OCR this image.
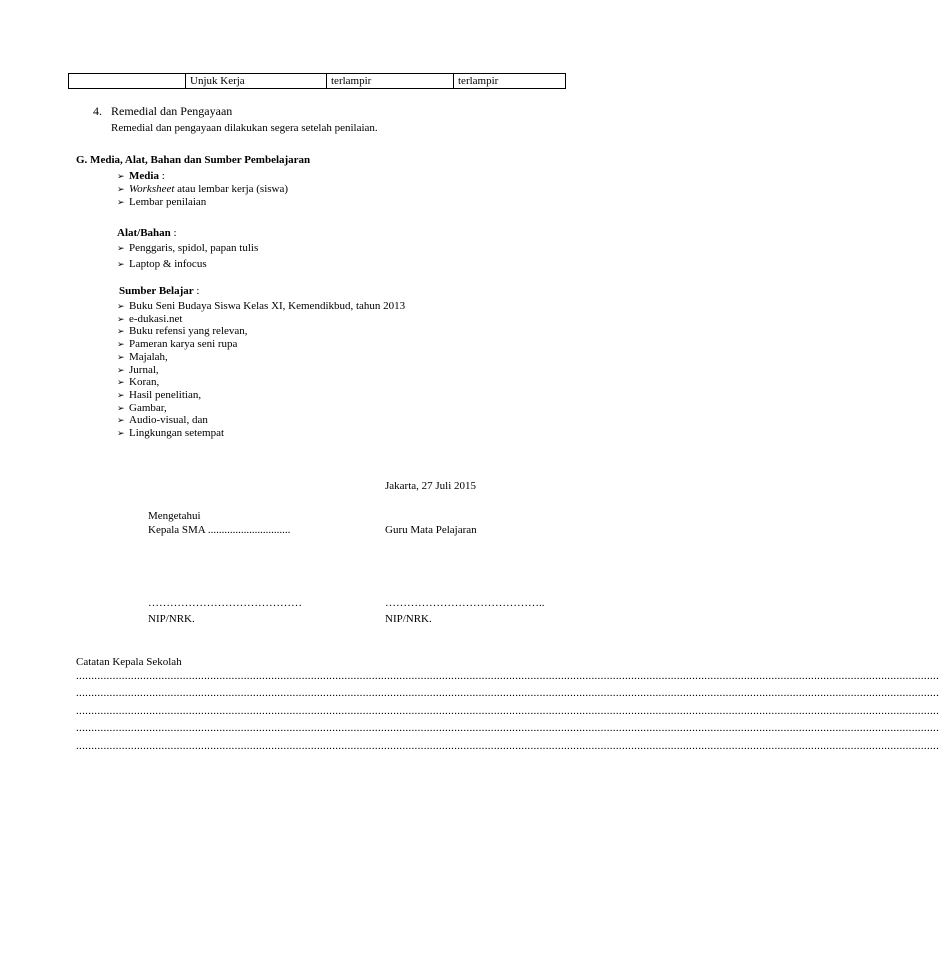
	Unjuk Kerja	terlampir	terlampir
4. Remedial dan Pengayaan
Remedial dan pengayaan dilakukan segera setelah penilaian.
G. Media, Alat, Bahan dan Sumber Pembelajaran
➢ Media :
➢ Worksheet atau lembar kerja (siswa)
➢ Lembar penilaian
Alat/Bahan :
➢ Penggaris, spidol, papan tulis
➢ Laptop & infocus
Sumber Belajar :
➢ Buku Seni Budaya Siswa Kelas XI, Kemendikbud, tahun 2013
➢ e-dukasi.net
➢ Buku refensi yang relevan,
➢ Pameran karya seni rupa
➢ Majalah,
➢ Jurnal,
➢ Koran,
➢ Hasil penelitian,
➢ Gambar,
➢ Audio-visual, dan
➢ Lingkungan setempat
Jakarta, 27 Juli 2015
Mengetahui
Kepala SMA ..............................	Guru Mata Pelajaran
……………………………………	……………………………………..
NIP/NRK.	NIP/NRK.
Catatan Kepala Sekolah
...........................................................................................................................................................................................................................................................................................
...........................................................................................................................................................................................................................................................................................
...........................................................................................................................................................................................................................................................................................
...........................................................................................................................................................................................................................................................................................
...........................................................................................................................................................................................................................................................................................
